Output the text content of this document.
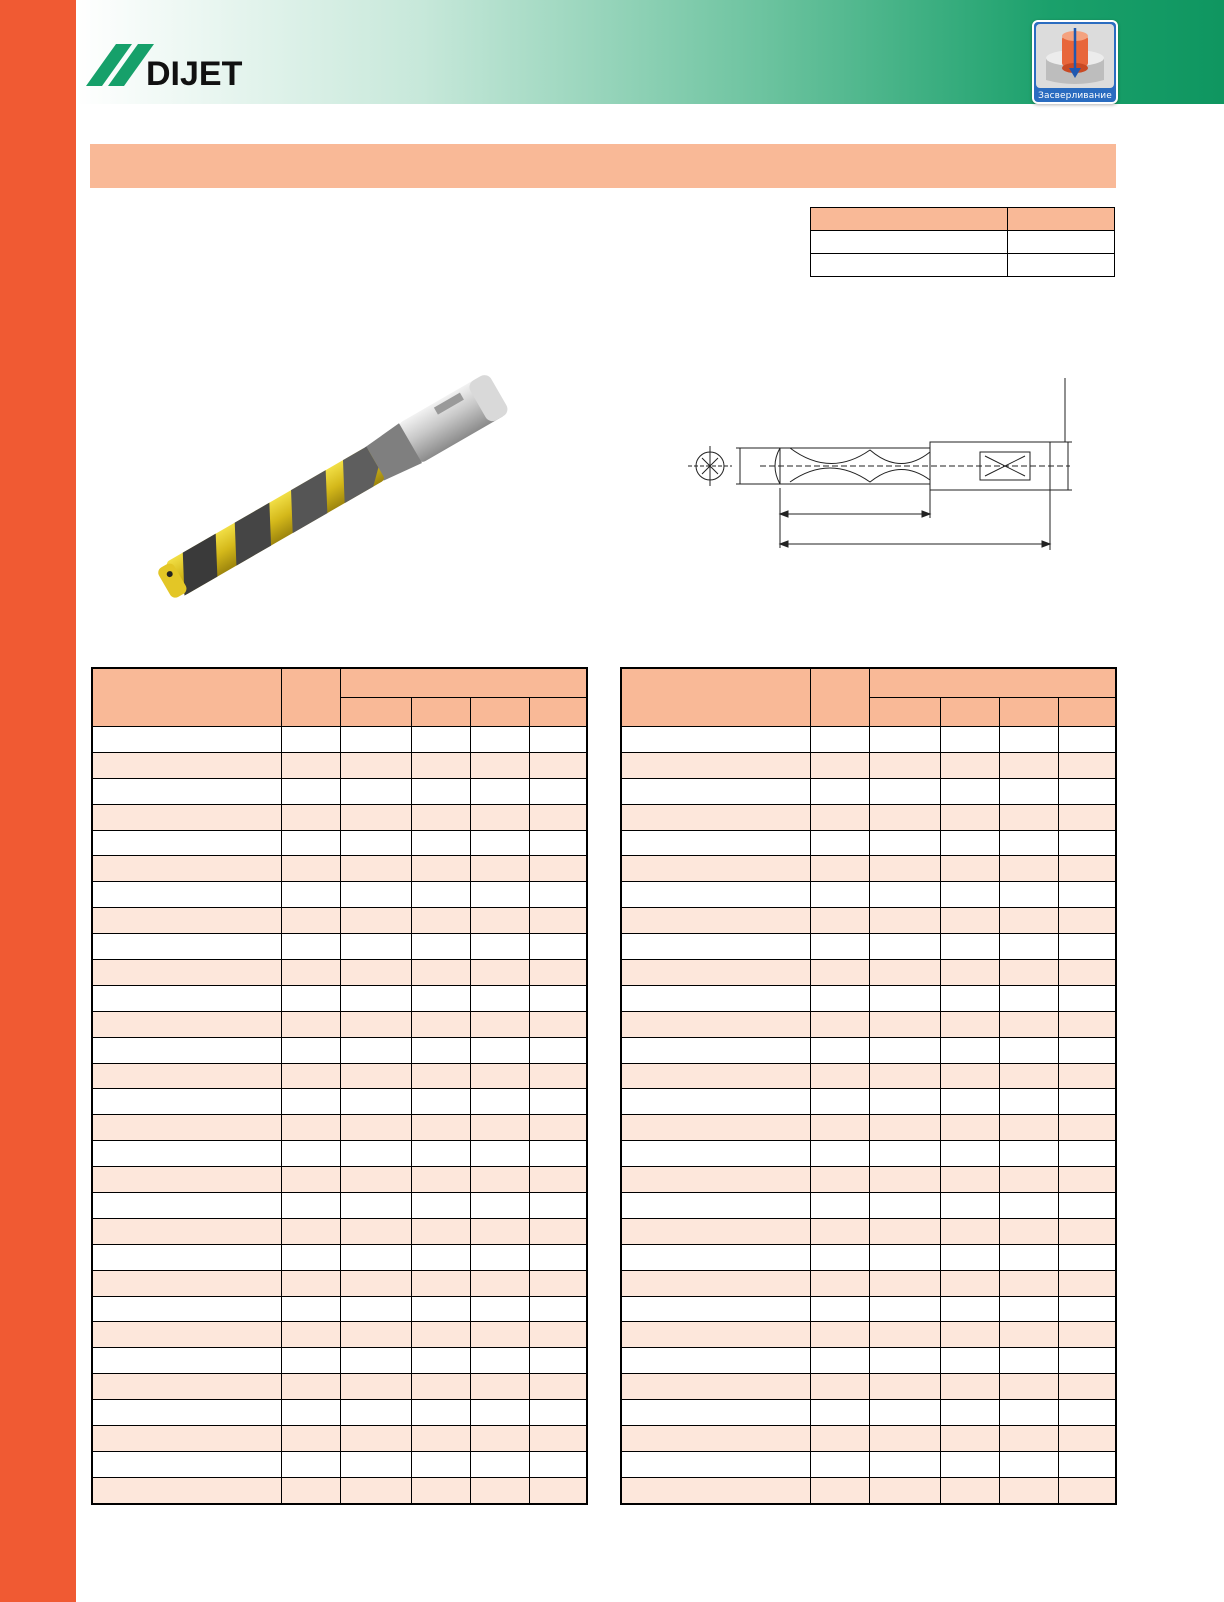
DIJET
Засверливание
